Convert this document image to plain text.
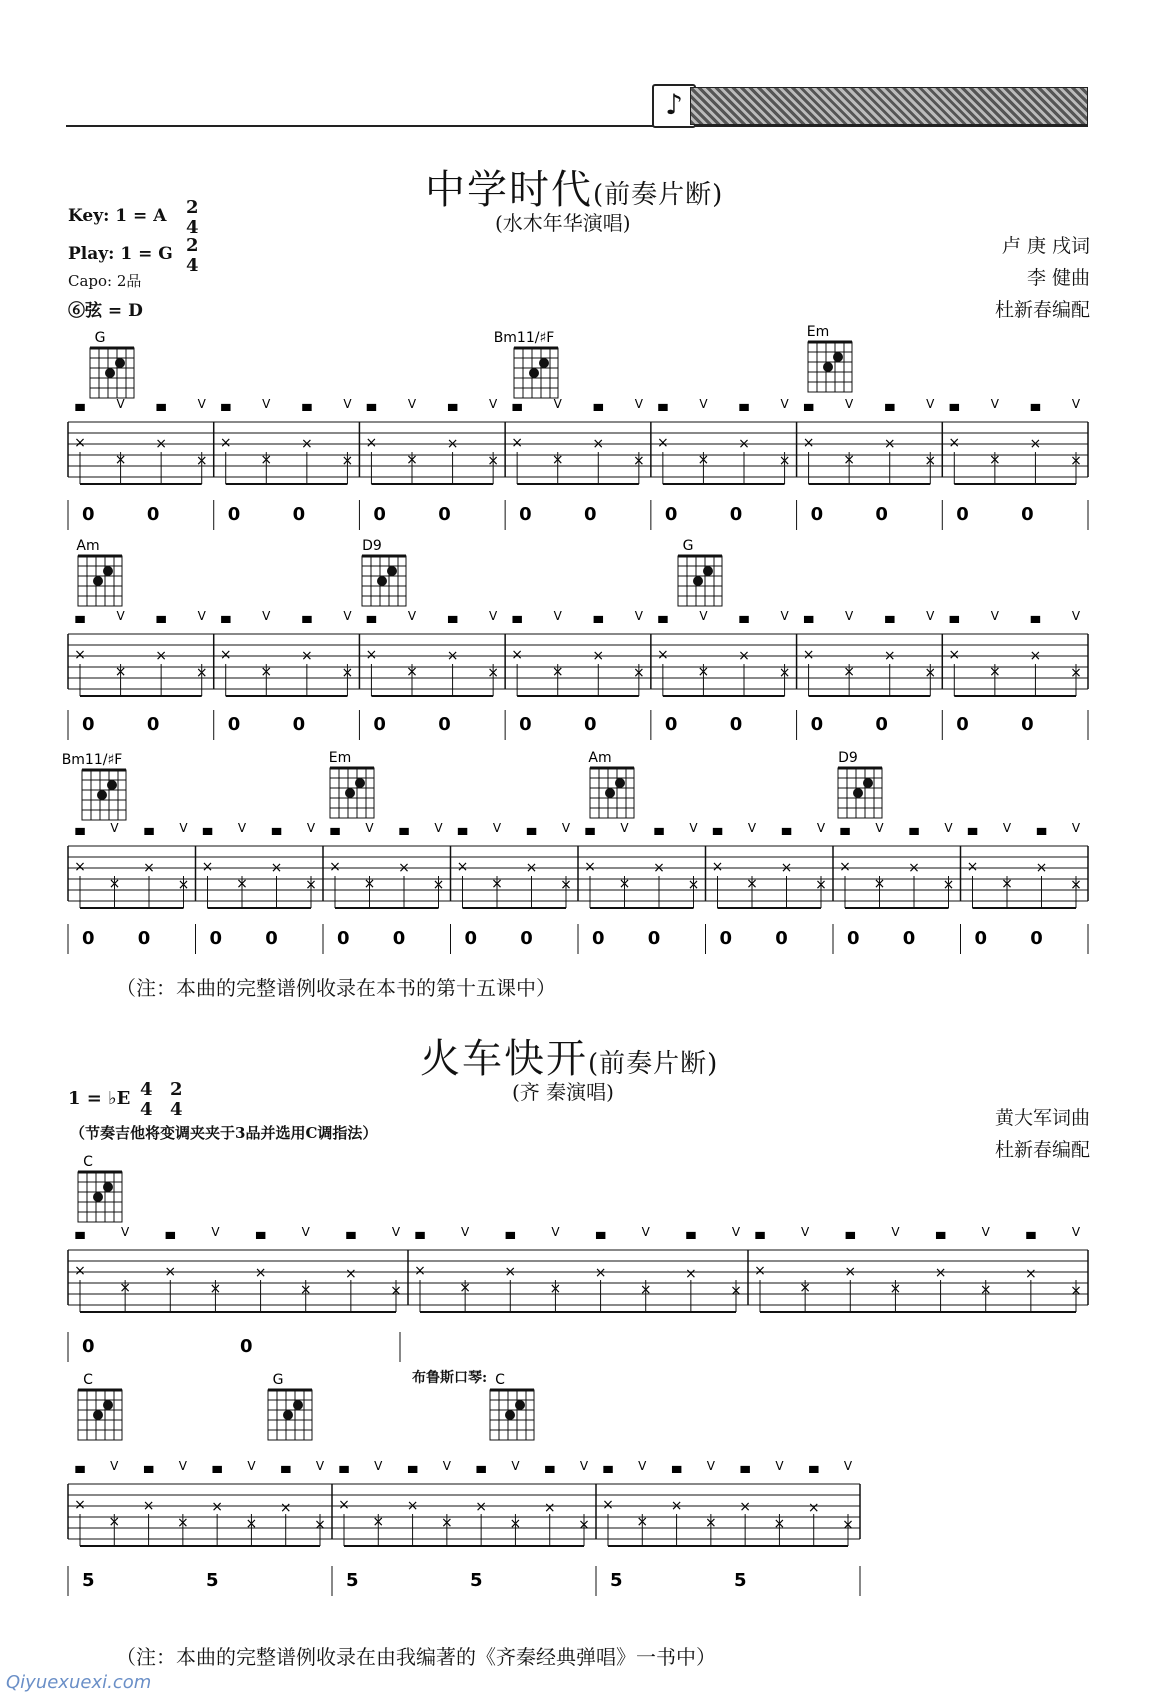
♪
中学时代(前奏片断)
(水木年华演唱)
Key: 1 = A
Play: 1 = G
Capo: 2品
⑥弦 = D
2
4
2
4
卢 庚 戌词
李 健曲
杜新春编配
G	Bm11/♯F	Em
×
▄
×
V
×
▄
×
V
×
▄
×
V
×
▄
×
V
×
▄
×
V
×
▄
×
V
×
▄
×
V
×
▄
×
V
×
▄
×
V
×
▄
×
V
×
▄
×
V
×
▄
×
V
×
▄
×
V
×
▄
×
V
0	0	0	0	0	0	0	0	0	0	0	0	0	0
Am	D9	G
×
▄
×
V
×
▄
×
V
×
▄
×
V
×
▄
×
V
×
▄
×
V
×
▄
×
V
×
▄
×
V
×
▄
×
V
×
▄
×
V
×
▄
×
V
×
▄
×
V
×
▄
×
V
×
▄
×
V
×
▄
×
V
0	0	0	0	0	0	0	0	0	0	0	0	0	0
Bm11/♯F	Em	Am	D9
×
▄
×
V
×
▄
×
V
×
▄
×
V
×
▄
×
V
×
▄
×
V
×
▄
×
V
×
▄
×
V
×
▄
×
V
×
▄
×
V
×
▄
×
V
×
▄
×
V
×
▄
×
V
×
▄
×
V
×
▄
×
V
×
▄
×
V
×
▄
×
V
0 0	0 0	0 0	0 0	0 0	0 0	0 0	0 0
C
×
▄
×
V
×
▄
×
V
×
▄
×
V
×
▄
×
V
×
▄
×
V
×
▄
×
V
×
▄
×
V
×
▄
×
V
×
▄
×
V
×
▄
×
V
×
▄
×
V
×
▄
×
V
0	0
C	G	C
×
▄
×
V
×
▄
×
V
×
▄
×
V
×
▄
×
V
×
▄
×
V
×
▄
×
V
×
▄
×
V
×
▄
×
V
×
▄
×
V
×
▄
×
V
×
▄
×
V
×
▄
×
V
5	5	5	5	5	5
（注：本曲的完整谱例收录在本书的第十五课中）
火车快开(前奏片断)
(齐 秦演唱)
1 = ♭E 4
4
2
4
（节奏吉他将变调夹夹于3品并选用C调指法）
黄大军词曲
杜新春编配
布鲁斯口琴:
（注：本曲的完整谱例收录在由我编著的《齐秦经典弹唱》一书中）
Qiyuexuexi.com
